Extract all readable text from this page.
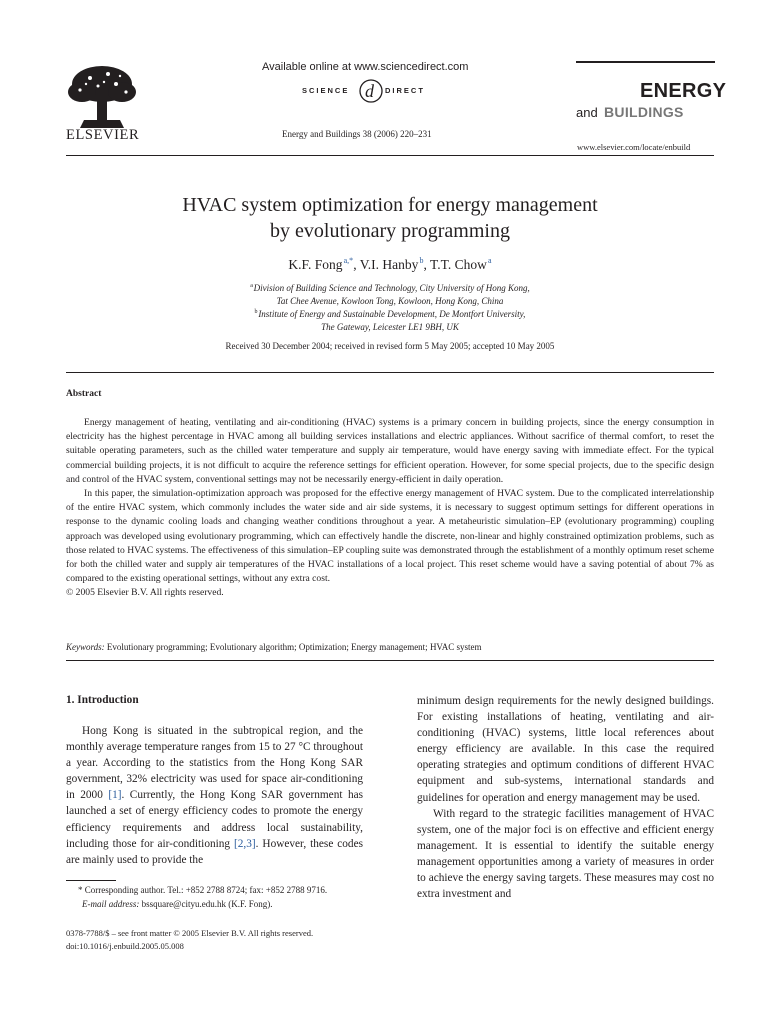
ELSEVIER
Available online at www.sciencedirect.com
SCIENCE d DIRECT
Energy and Buildings 38 (2006) 220–231
ENERGY
and BUILDINGS
www.elsevier.com/locate/enbuild
HVAC system optimization for energy management
by evolutionary programming
K.F. Fong $^{a,*}$, V.I. Hanby $^b$, T.T. Chow $^a$
$^a$ Division of Building Science and Technology, City University of Hong Kong,
Tat Chee Avenue, Kowloon Tong, Kowloon, Hong Kong, China
$^b$ Institute of Energy and Sustainable Development, De Montfort University,
The Gateway, Leicester LE1 9BH, UK
Received 30 December 2004; received in revised form 5 May 2005; accepted 10 May 2005
Abstract

Energy management of heating, ventilating and air-conditioning (HVAC) systems is a primary concern in building projects, since the energy consumption in electricity has the highest percentage in HVAC among all building services installations and electric appliances. Without sacrifice of thermal comfort, to reset the suitable operating parameters, such as the chilled water temperature and supply air temperature, would have energy saving with immediate effect. For the typical commercial building projects, it is not difficult to acquire the reference settings for efficient operation. However, for some special projects, due to the specific design and control of the HVAC system, conventional settings may not be necessarily energy-efficient in daily operation.

In this paper, the simulation-optimization approach was proposed for the effective energy management of HVAC system. Due to the complicated interrelationship of the entire HVAC system, which commonly includes the water side and air side systems, it is necessary to suggest optimum settings for different operations in response to the dynamic cooling loads and changing weather conditions throughout a year. A metaheuristic simulation–EP (evolutionary programming) coupling approach was developed using evolutionary programming, which can effectively handle the discrete, non-linear and highly constrained optimization problems, such as those related to HVAC systems. The effectiveness of this simulation–EP coupling suite was demonstrated through the establishment of a monthly optimum reset scheme for both the chilled water and supply air temperatures of the HVAC installations of a local project. This reset scheme would have a saving potential of about 7% as compared to the existing operational settings, without any extra cost.

© 2005 Elsevier B.V. All rights reserved.

Keywords: Evolutionary programming; Evolutionary algorithm; Optimization; Energy management; HVAC system
1. Introduction

Hong Kong is situated in the subtropical region, and the monthly average temperature ranges from 15 to 27 °C throughout a year. According to the statistics from the Hong Kong SAR government, 32% electricity was used for space air-conditioning in 2000 [1]. Currently, the Hong Kong SAR government has launched a set of energy efficiency codes to promote the energy efficiency requirements and address local sustainability, including those for air-conditioning [2,3]. However, these codes are mainly used to provide the

minimum design requirements for the newly designed buildings. For existing installations of heating, ventilating and air-conditioning (HVAC) systems, little local references about energy efficiency are available. In this case the required operating strategies and optimum conditions of different HVAC equipment and sub-systems, international standards and guidelines for operation and energy management may be used.

With regard to the strategic facilities management of HVAC system, one of the major foci is on effective and efficient energy management. It is essential to identify the suitable energy management opportunities among a variety of measures in order to achieve the energy saving targets. These measures may cost no extra investment and

* Corresponding author. Tel.: +852 2788 8724; fax: +852 2788 9716.
E-mail address: bssquare@cityu.edu.hk (K.F. Fong).
0378-7788/$ – see front matter © 2005 Elsevier B.V. All rights reserved.
doi:10.1016/j.enbuild.2005.05.008
